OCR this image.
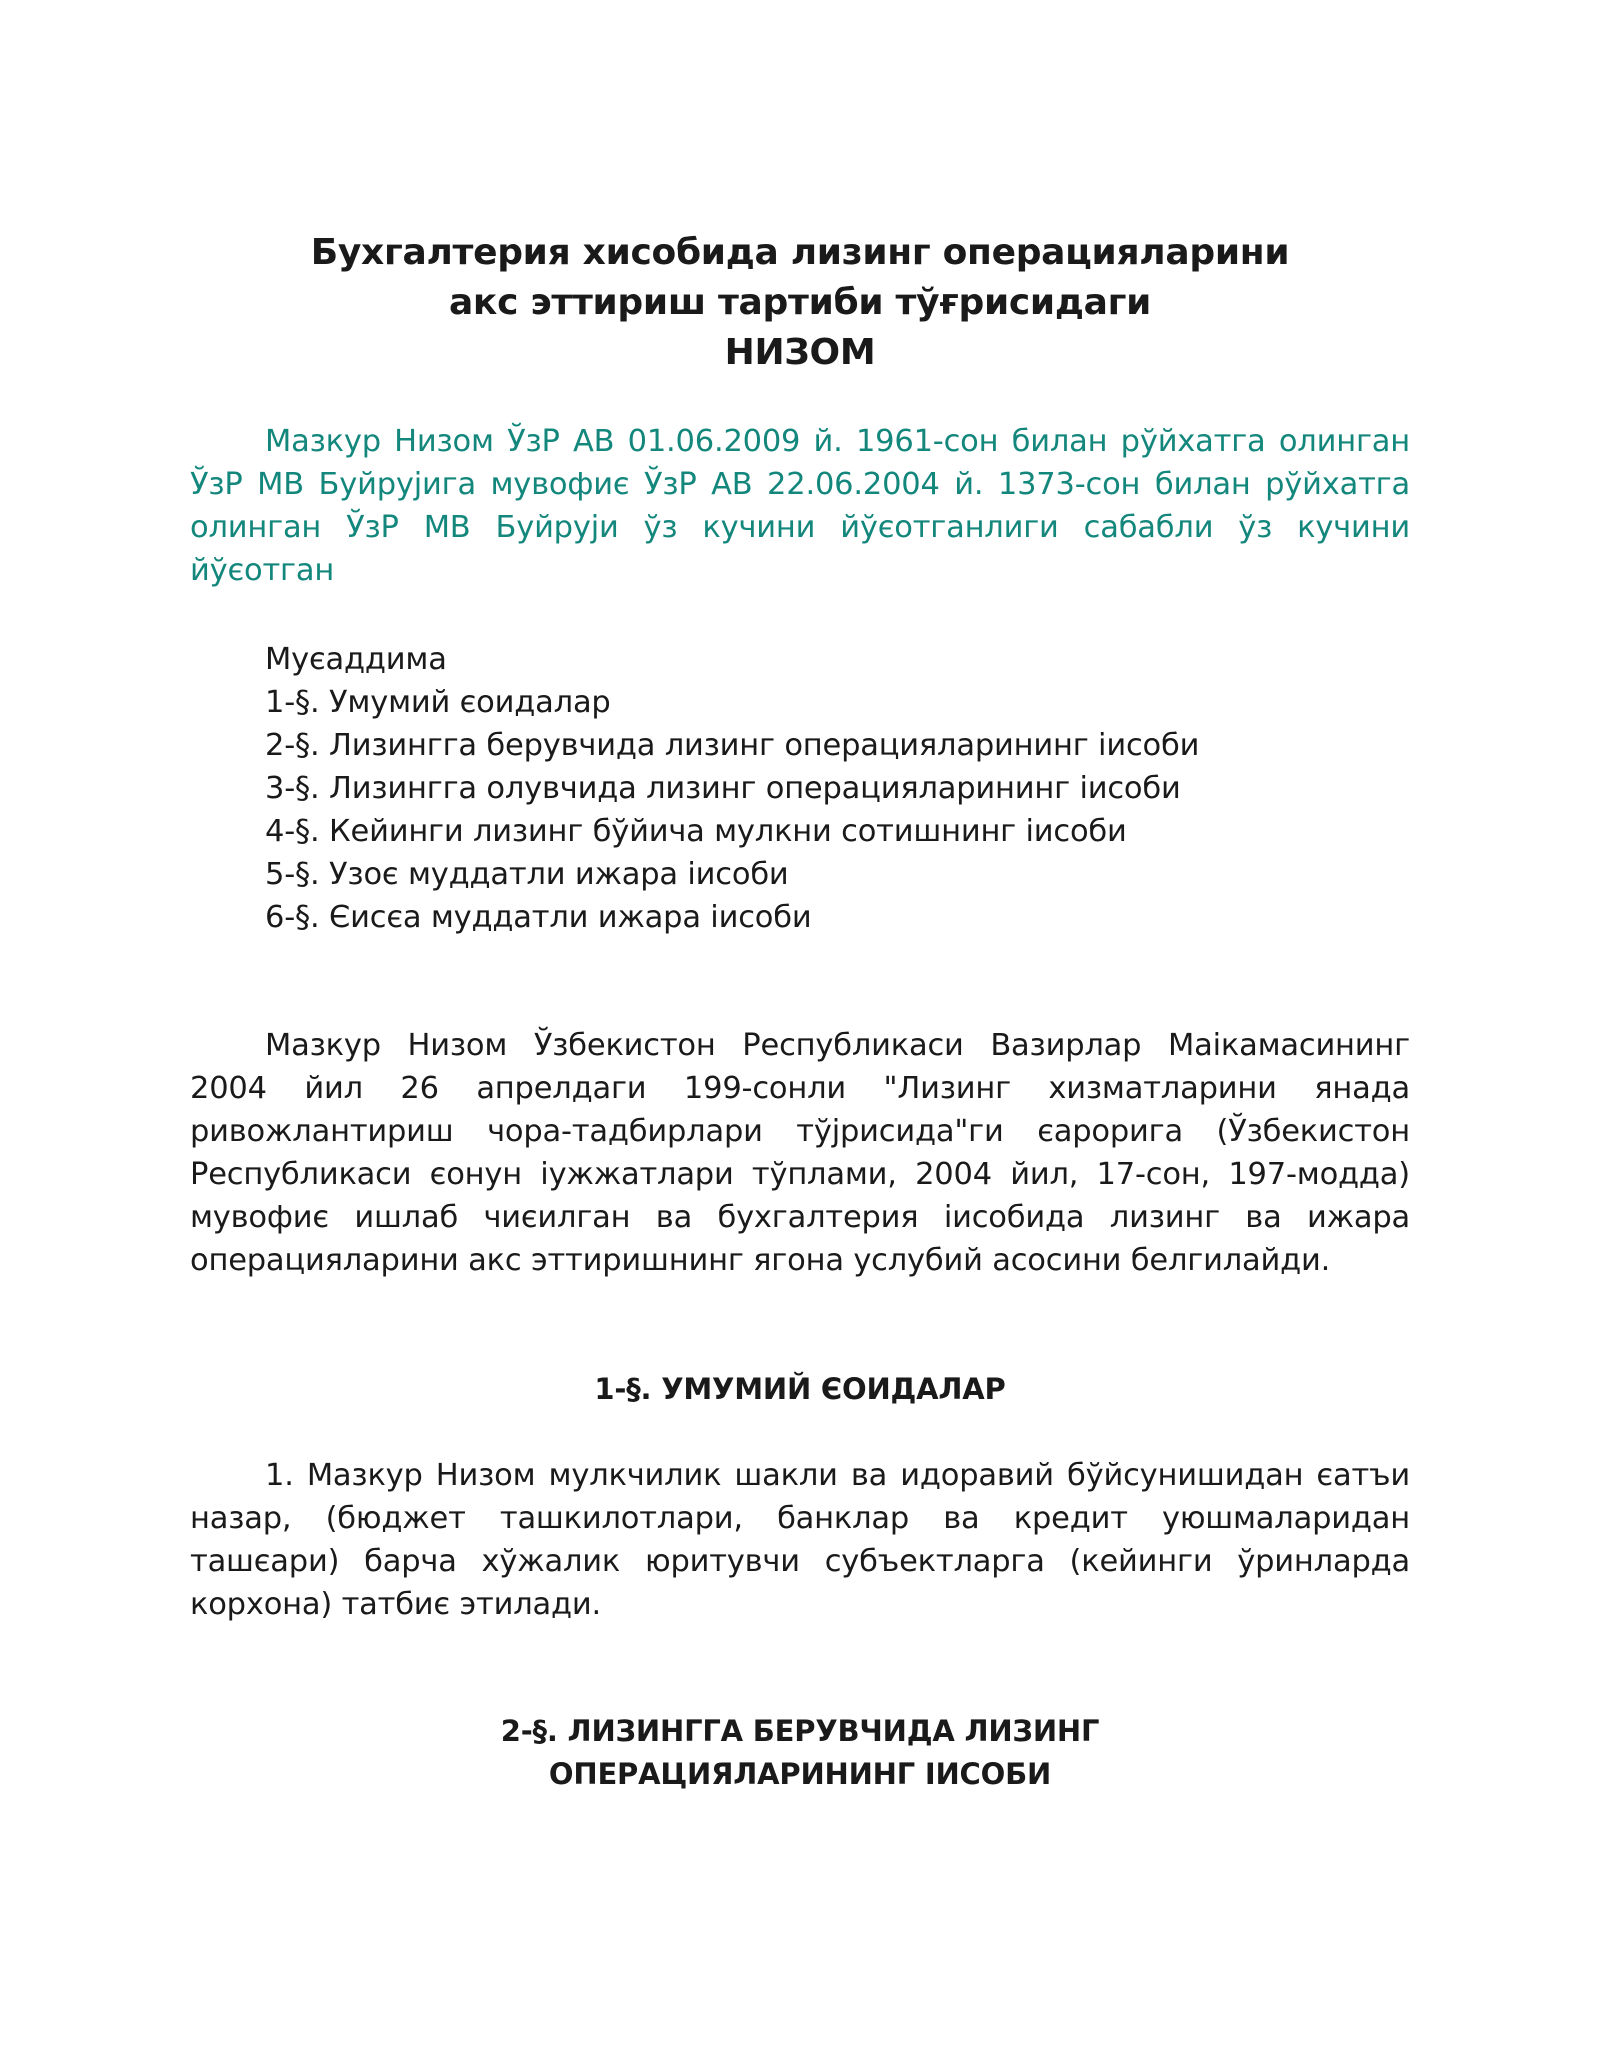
Бухгалтерия хисобида лизинг операцияларини
акс эттириш тартиби тўғрисидаги
НИЗОМ

Мазкур Низом ЎзР АВ 01.06.2009 й. 1961-сон билан рўйхатга олинган ЎзР МВ Буйрујига мувофиє ЎзР АВ 22.06.2004 й. 1373-сон билан рўйхатга олинган ЎзР МВ Буйруји ўз кучини йўєотганлиги сабабли ўз кучини йўєотган

Муєаддима
1-§. Умумий єоидалар
2-§. Лизингга берувчида лизинг операцияларининг іисоби
3-§. Лизингга олувчида лизинг операцияларининг іисоби
4-§. Кейинги лизинг бўйича мулкни сотишнинг іисоби
5-§. Узоє муддатли ижара іисоби
6-§. Єисєа муддатли ижара іисоби

Мазкур Низом Ўзбекистон Республикаси Вазирлар Маікамасининг 2004 йил 26 апрелдаги 199-сонли "Лизинг хизматларини янада ривожлантириш чора-тадбирлари тўјрисида"ги єарорига (Ўзбекистон Республикаси єонун іужжатлари тўплами, 2004 йил, 17-сон, 197-модда) мувофиє ишлаб чиєилган ва бухгалтерия іисобида лизинг ва ижара операцияларини акс эттиришнинг ягона услубий асосини белгилайди.

1-§. УМУМИЙ ЄОИДАЛАР

1. Мазкур Низом мулкчилик шакли ва идоравий бўйсунишидан єатъи назар, (бюджет ташкилотлари, банклар ва кредит уюшмаларидан ташєари) барча хўжалик юритувчи субъектларга (кейинги ўринларда корхона) татбиє этилади.

2-§. ЛИЗИНГГА БЕРУВЧИДА ЛИЗИНГ
ОПЕРАЦИЯЛАРИНИНГ ІИСОБИ
